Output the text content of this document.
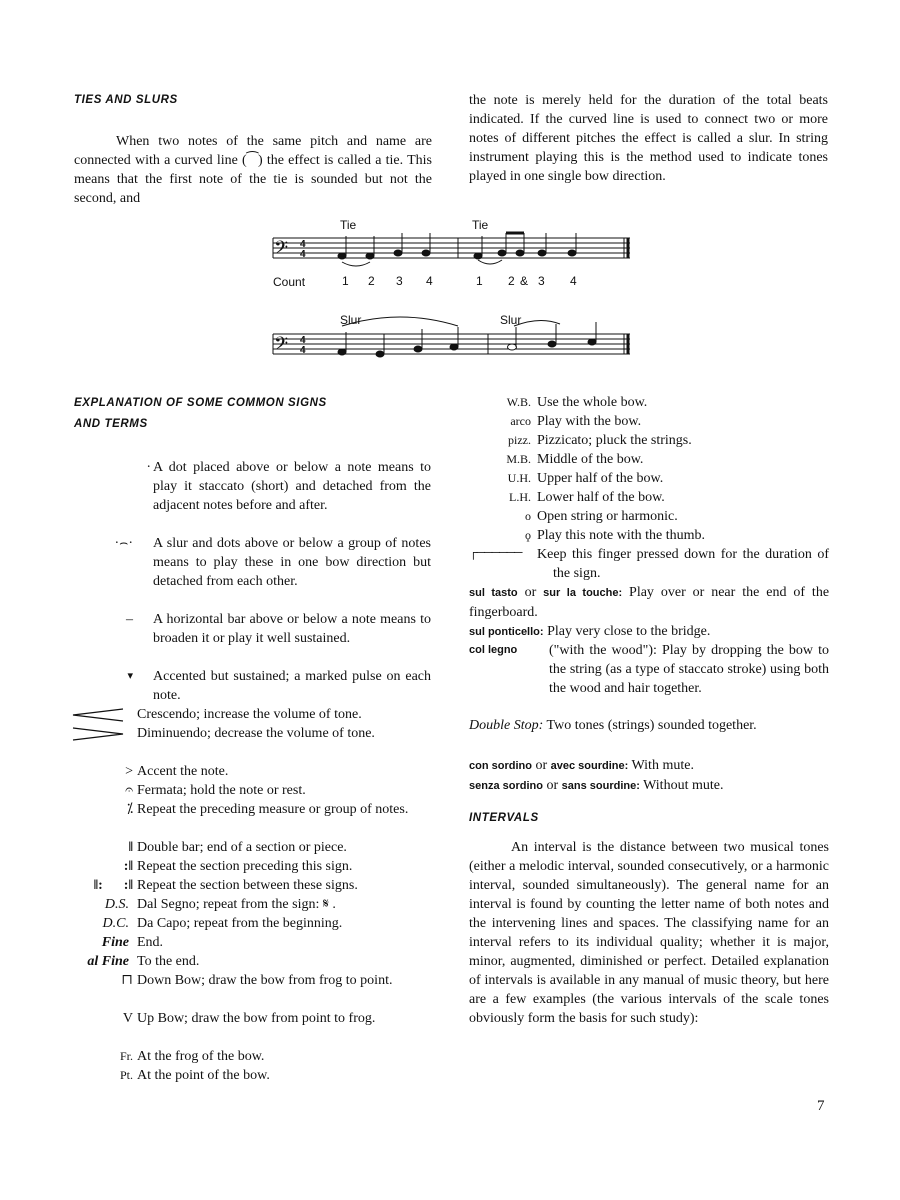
TIES AND SLURS
When two notes of the same pitch and name are connected with a curved line (⁀) the effect is called a tie. This means that the first note of the tie is sounded but not the second, and
the note is merely held for the duration of the total beats indicated. If the curved line is used to connect two or more notes of different pitches the effect is called a slur. In string instrument playing this is the method used to indicate tones played in one single bow direction.
𝄢 4
4
Tie	Tie
Count	1 2 3 4	1 2 & 3 4
𝄢 4
4
Slur	Slur
EXPLANATION OF SOME COMMON SIGNS
AND TERMS
· A dot placed above or below a note means to play it staccato (short) and detached from the adjacent notes before and after.
·⌢·	A slur and dots above or below a group of notes means to play these in one bow direction but detached from each other.
–	A horizontal bar above or below a note means to broaden it or play it well sustained.
▾	Accented but sustained; a marked pulse on each note.
Crescendo; increase the volume of tone.
Diminuendo; decrease the volume of tone.
> Accent the note.
𝄐 Fermata; hold the note or rest.
⁒ Repeat the preceding measure or group of notes.
‖ Double bar; end of a section or piece.
:‖ Repeat the section preceding this sign.
‖:      :‖ Repeat the section between these signs.
D.S. Dal Segno; repeat from the sign: 𝄋 .
D.C. Da Capo; repeat from the beginning.
Fine End.
al Fine To the end.
⊓ Down Bow; draw the bow from frog to point.
V Up Bow; draw the bow from point to frog.
Fr. At the frog of the bow.
Pt. At the point of the bow.
W.B. Use the whole bow.
arco Play with the bow.
pizz. Pizzicato; pluck the strings.
M.B. Middle of the bow.
U.H. Upper half of the bow.
L.H. Lower half of the bow.
o Open string or harmonic.
ϙ Play this note with the thumb.
┌────── Keep this finger pressed down for the duration of the sign.
sul tasto or sur la touche: Play over or near the end of the fingerboard.
sul ponticello: Play very close to the bridge.
col legno	("with the wood"): Play by dropping the bow to the string (as a type of staccato stroke) using both the wood and hair together.
Double Stop: Two tones (strings) sounded together.
con sordino or avec sourdine: With mute.
senza sordino or sans sourdine: Without mute.
INTERVALS
An interval is the distance between two musical tones (either a melodic interval, sounded consecutively, or a harmonic interval, sounded simultaneously). The general name for an interval is found by counting the letter name of both notes and the intervening lines and spaces. The classifying name for an interval refers to its individual quality; whether it is major, minor, augmented, diminished or perfect. Detailed explanation of intervals is available in any manual of music theory, but here are a few examples (the various intervals of the scale tones obviously form the basis for such study):
7
